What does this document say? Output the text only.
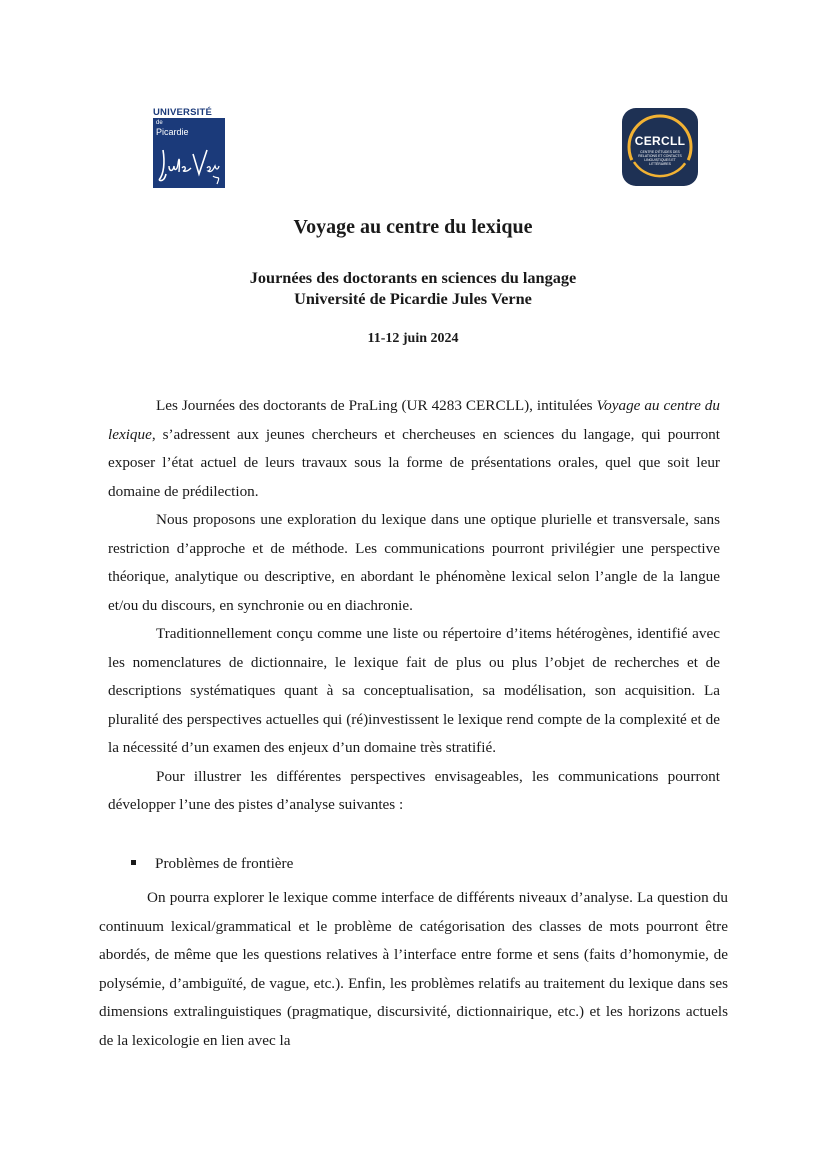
UNIVERSITÉ
de
Picardie
CERCLL
CENTRE D'ÉTUDES DES RELATIONS ET CONTACTS LINGUISTIQUES ET LITTÉRAIRES
Voyage au centre du lexique
Journées des doctorants en sciences du langage
Université de Picardie Jules Verne
11-12 juin 2024

Les Journées des doctorants de PraLing (UR 4283 CERCLL), intitulées Voyage au centre du lexique, s’adressent aux jeunes chercheurs et chercheuses en sciences du langage, qui pourront exposer l’état actuel de leurs travaux sous la forme de présentations orales, quel que soit leur domaine de prédilection.

Nous proposons une exploration du lexique dans une optique plurielle et transversale, sans restriction d’approche et de méthode. Les communications pourront privilégier une perspective théorique, analytique ou descriptive, en abordant le phénomène lexical selon l’angle de la langue et/ou du discours, en synchronie ou en diachronie.

Traditionnellement conçu comme une liste ou répertoire d’items hétérogènes, identifié avec les nomenclatures de dictionnaire, le lexique fait de plus ou plus l’objet de recherches et de descriptions systématiques quant à sa conceptualisation, sa modélisation, son acquisition. La pluralité des perspectives actuelles qui (ré)investissent le lexique rend compte de la complexité et de la nécessité d’un examen des enjeux d’un domaine très stratifié.

Pour illustrer les différentes perspectives envisageables, les communications pourront développer l’une des pistes d’analyse suivantes :

Problèmes de frontière

On pourra explorer le lexique comme interface de différents niveaux d’analyse. La question du continuum lexical/grammatical et le problème de catégorisation des classes de mots pourront être abordés, de même que les questions relatives à l’interface entre forme et sens (faits d’homonymie, de polysémie, d’ambiguïté, de vague, etc.). Enfin, les problèmes relatifs au traitement du lexique dans ses dimensions extralinguistiques (pragmatique, discursivité, dictionnairique, etc.) et les horizons actuels de la lexicologie en lien avec la
